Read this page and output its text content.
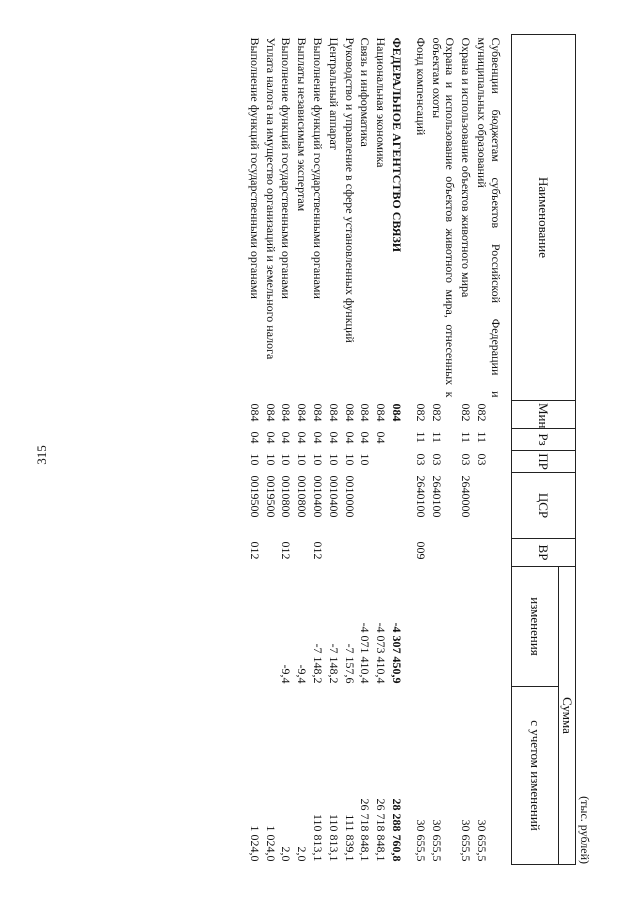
315
(тыс. рублей)
Наименование	Мин	Рз	ПР	ЦСР	ВР	Сумма	
						изменения	с учетом изменений
Субвенции бюджетам субъектов Российской Федерации и муниципальных образований	082	11	03				30 655,5
Охрана и использование объектов животного мира	082	11	03	2640000			30 655,5
Охрана и использование объектов животного мира, отнесенных к объектам охоты	082	11	03	2640100			30 655,5
Фонд компенсаций	082	11	03	2640100	009		30 655,5
ФЕДЕРАЛЬНОЕ АГЕНТСТВО СВЯЗИ	084					-4 307 450,9	28 288 760,8
Национальная экономика	084	04				-4 073 410,4	26 718 848,1
Связь и информатика	084	04	10			-4 071 410,4	26 718 848,1
Руководство и управление в сфере установленных функций	084	04	10	0010000		-7 157,6	111 839,1
Центральный аппарат	084	04	10	0010400		-7 148,2	110 813,1
Выполнение функций государственными органами	084	04	10	0010400	012	-7 148,2	110 813,1
Выплаты независимым экспертам	084	04	10	0010800		-9,4	2,0
Выполнение функций государственными органами	084	04	10	0010800	012	-9,4	2,0
Уплата налога на имущество организаций и земельного налога	084	04	10	0019500			1 024,0
Выполнение функций государственными органами	084	04	10	0019500	012		1 024,0
